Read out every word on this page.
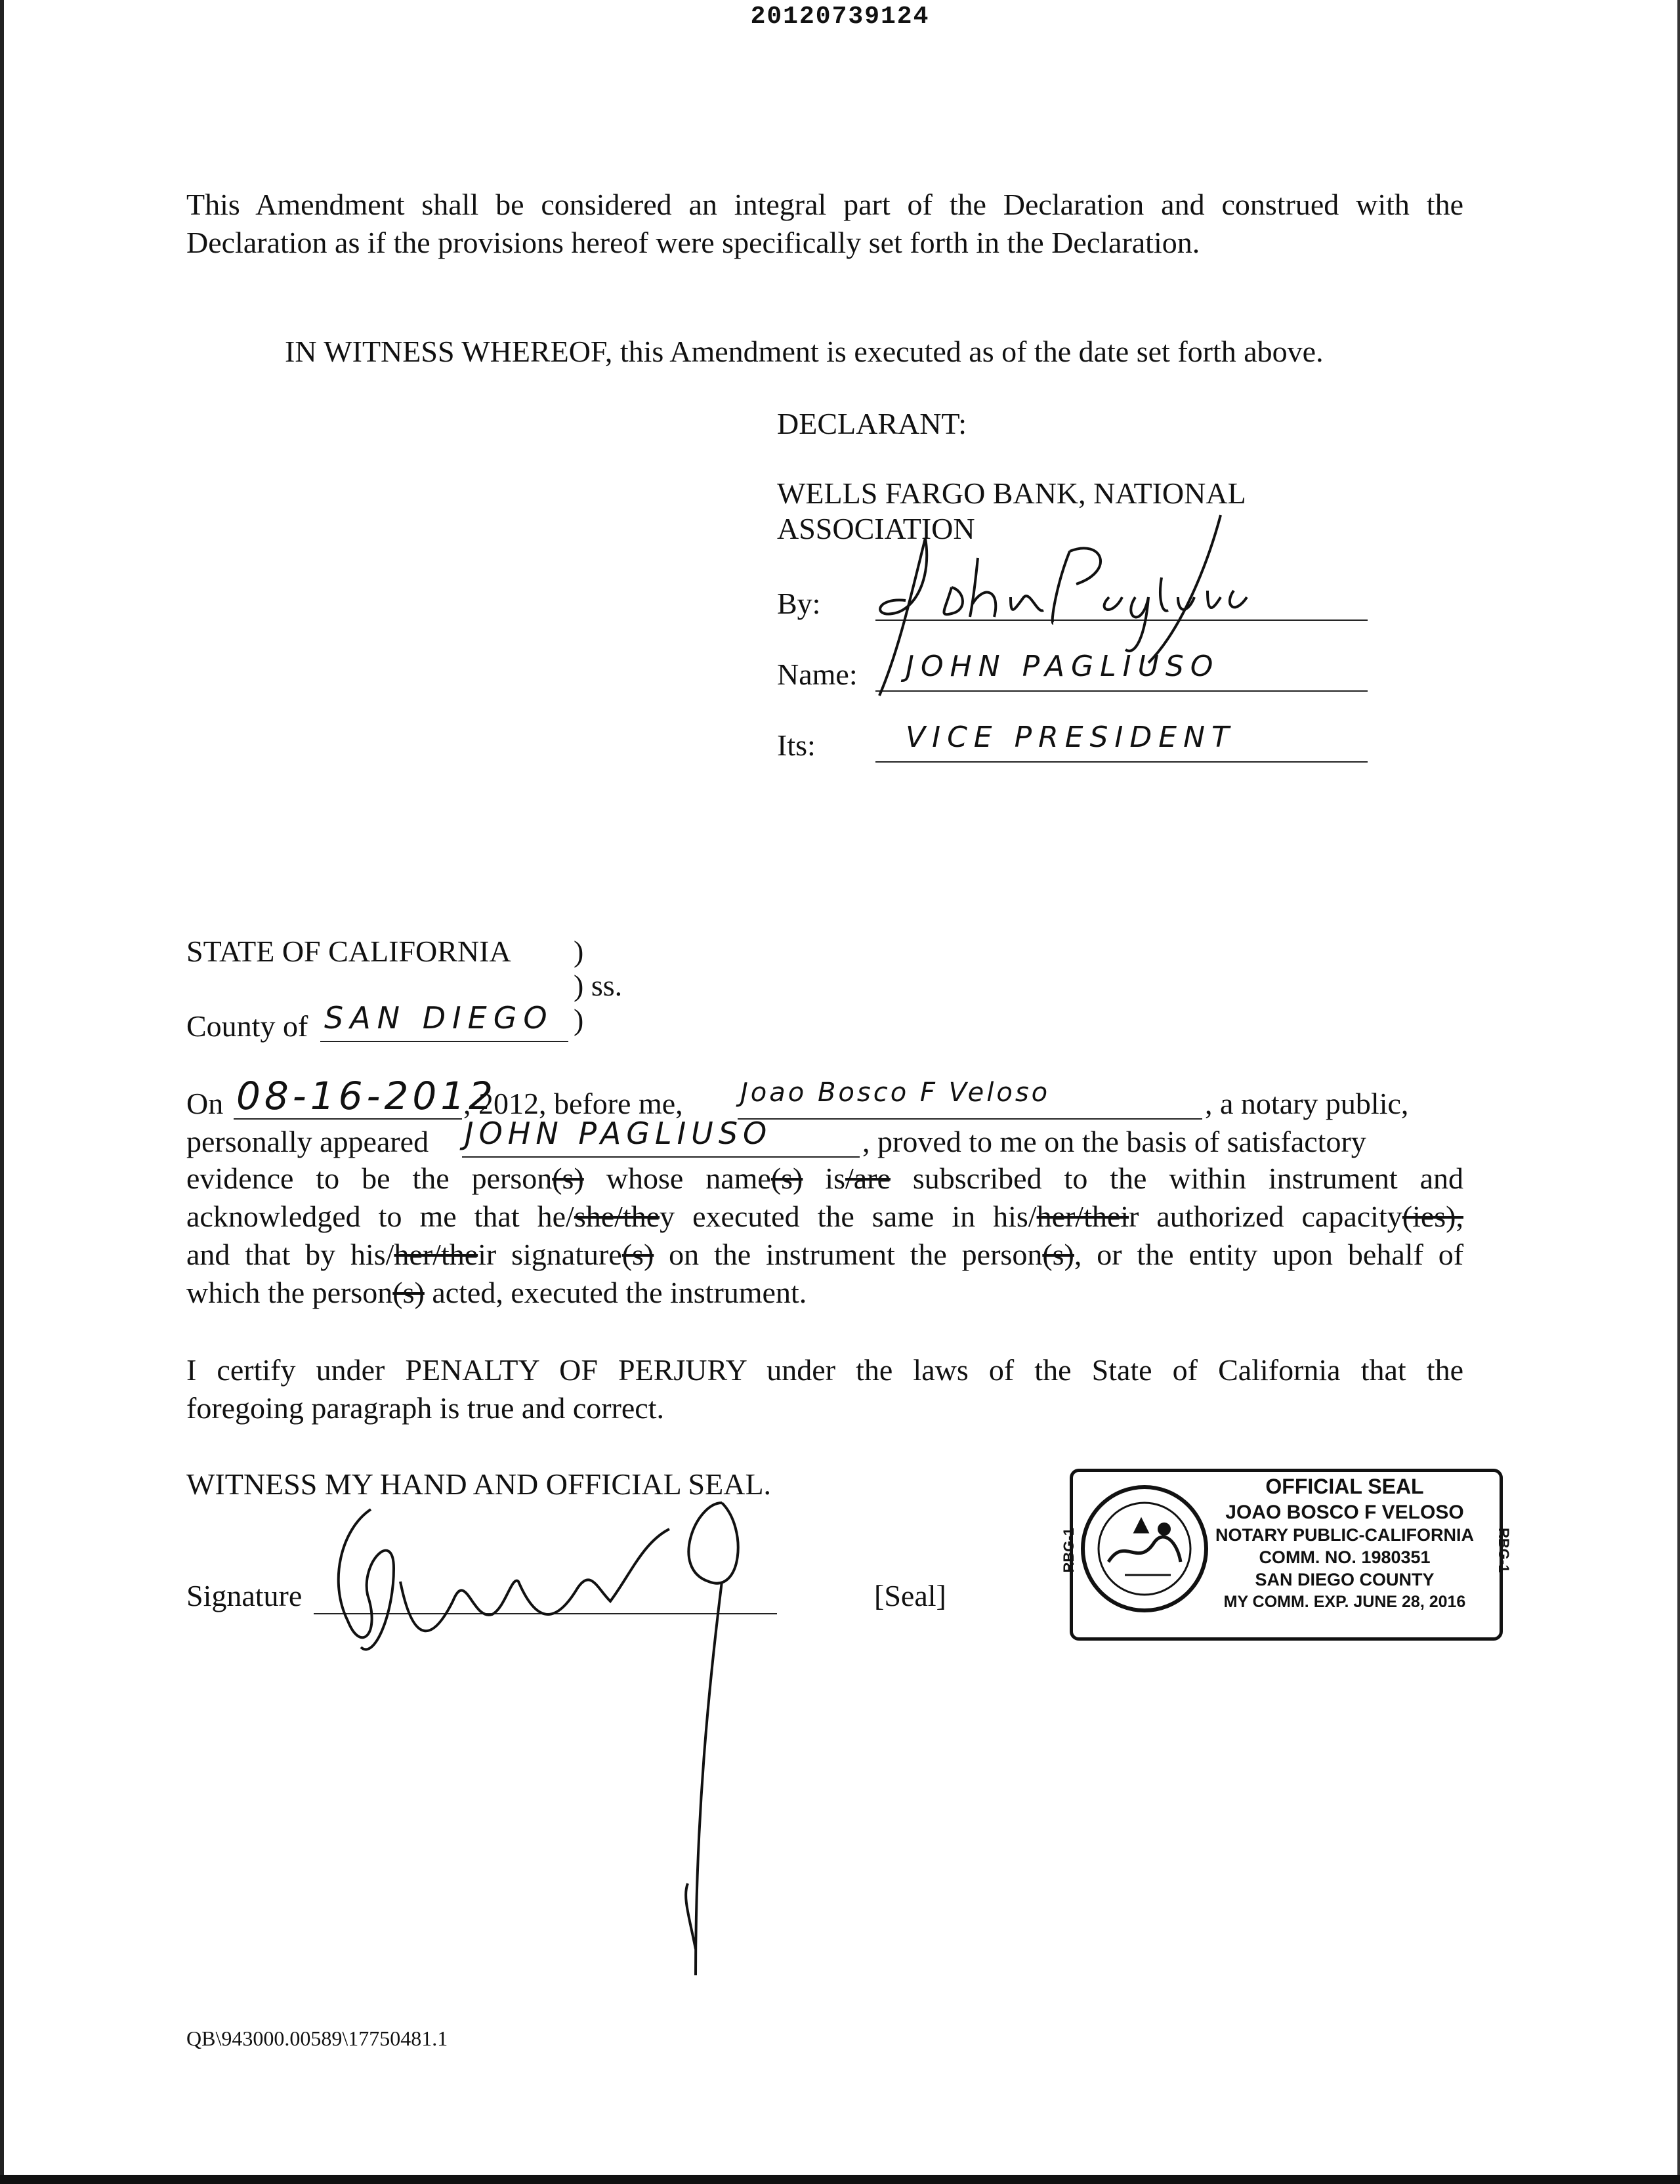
20120739124
This Amendment shall be considered an integral part of the Declaration and construed with the
Declaration as if the provisions hereof were specifically set forth in the Declaration.
IN WITNESS WHEREOF, this Amendment is executed as of the date set forth above.
DECLARANT:
WELLS FARGO BANK, NATIONAL
ASSOCIATION
By:
Name: JOHN PAGLIUSO
Its:	VICE PRESIDENT
STATE OF CALIFORNIA )
) ss.
)
County of SAN DIEGO
On 08-16-2012
, 2012, before me, Joao Bosco F Veloso	, a notary public,
personally appeared JOHN PAGLIUSO	, proved to me on the basis of satisfactory
evidence to be the person(s) whose name(s) is/are subscribed to the within instrument and
acknowledged to me that he/she/they executed the same in his/her/their authorized capacity(ies),
and that by his/her/their signature(s) on the instrument the person(s), or the entity upon behalf of
which the person(s) acted, executed the instrument.
I certify under PENALTY OF PERJURY under the laws of the State of California that the
foregoing paragraph is true and correct.
WITNESS MY HAND AND OFFICIAL SEAL.
Signature	[Seal]
RBG-1	RBG-1
OFFICIAL SEAL
JOAO BOSCO F VELOSO
NOTARY PUBLIC-CALIFORNIA
COMM. NO. 1980351
SAN DIEGO COUNTY
MY COMM. EXP. JUNE 28, 2016
QB\943000.00589\17750481.1
